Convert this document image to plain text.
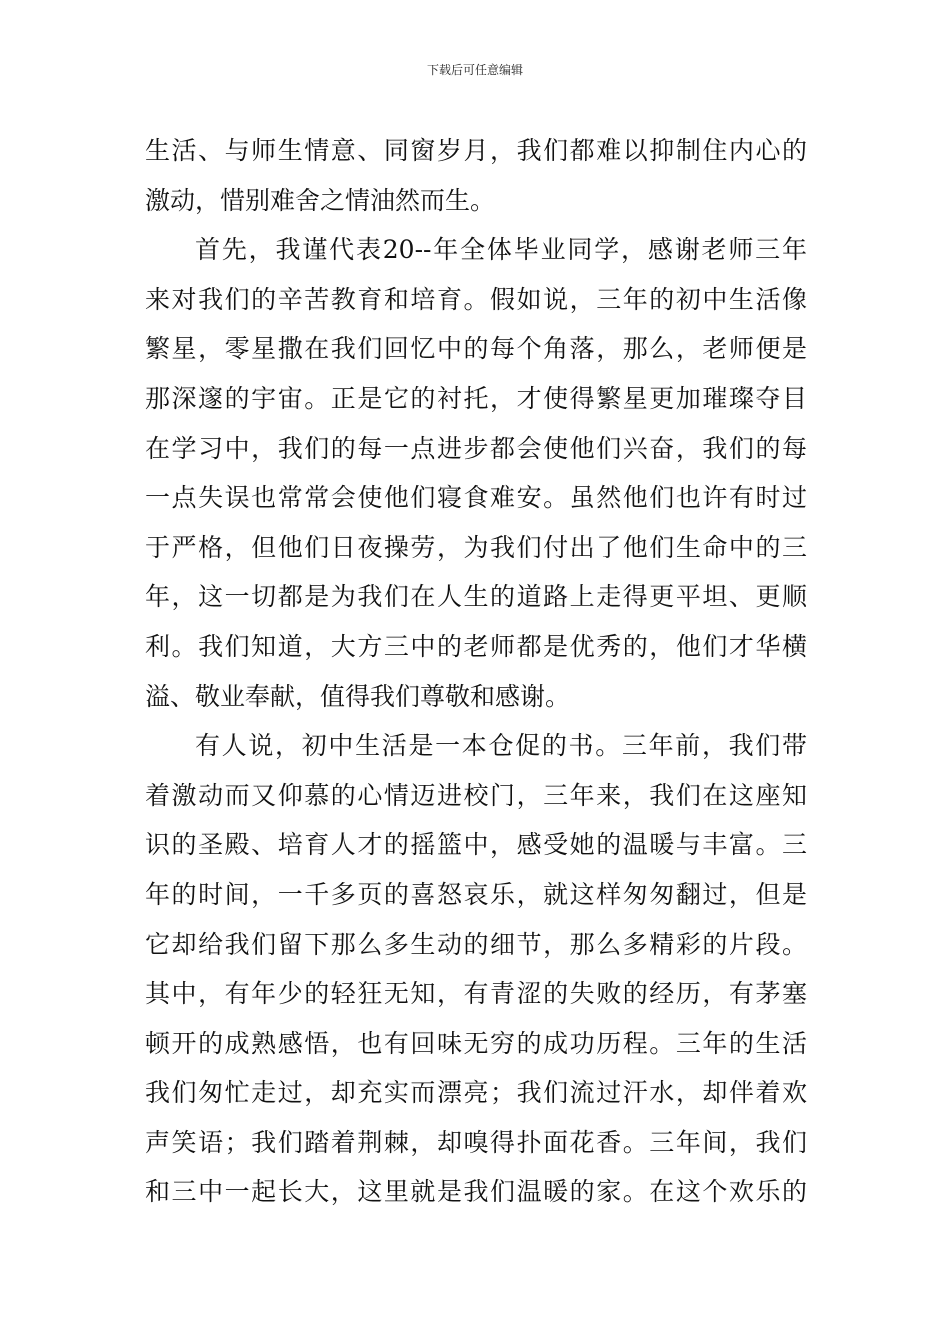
下载后可任意编辑
生活、与师生情意、同窗岁月，我们都难以抑制住内心的
激动，惜别难舍之情油然而生。
首先，我谨代表20--年全体毕业同学，感谢老师三年
来对我们的辛苦教育和培育。假如说，三年的初中生活像
繁星，零星撒在我们回忆中的每个角落，那么，老师便是
那深邃的宇宙。正是它的衬托，才使得繁星更加璀璨夺目
在学习中，我们的每一点进步都会使他们兴奋，我们的每
一点失误也常常会使他们寝食难安。虽然他们也许有时过
于严格，但他们日夜操劳，为我们付出了他们生命中的三
年，这一切都是为我们在人生的道路上走得更平坦、更顺
利。我们知道，大方三中的老师都是优秀的，他们才华横
溢、敬业奉献，值得我们尊敬和感谢。
有人说，初中生活是一本仓促的书。三年前，我们带
着激动而又仰慕的心情迈进校门，三年来，我们在这座知
识的圣殿、培育人才的摇篮中，感受她的温暖与丰富。三
年的时间，一千多页的喜怒哀乐，就这样匆匆翻过，但是
它却给我们留下那么多生动的细节，那么多精彩的片段。
其中，有年少的轻狂无知，有青涩的失败的经历，有茅塞
顿开的成熟感悟，也有回味无穷的成功历程。三年的生活
我们匆忙走过，却充实而漂亮；我们流过汗水，却伴着欢
声笑语；我们踏着荆棘，却嗅得扑面花香。三年间，我们
和三中一起长大，这里就是我们温暖的家。在这个欢乐的
